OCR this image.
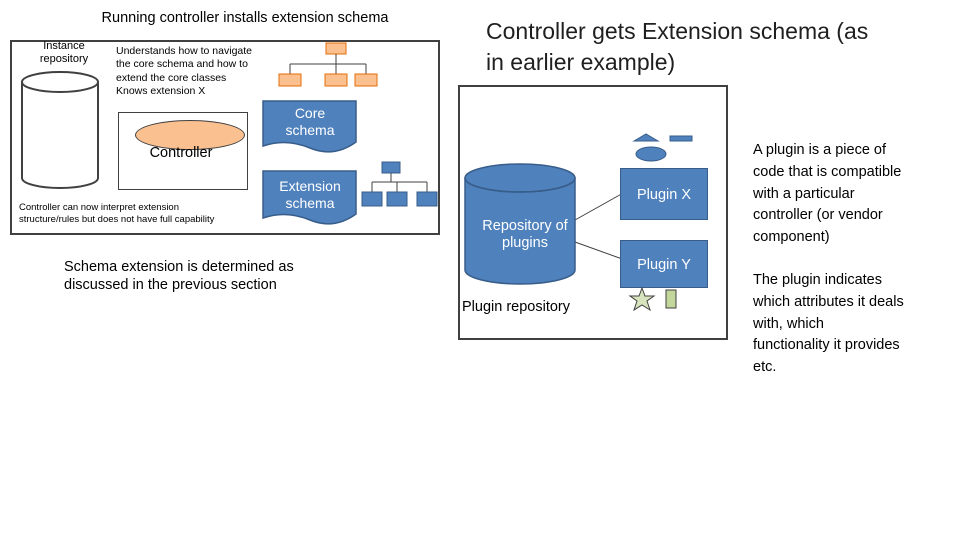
Running controller installs extension schema
Instance
repository
Understands how to navigate
the core schema and how to
extend the core classes
Knows extension X
Controller
Controller can now interpret extension
structure/rules but does not have full capability
Core
schema
Extension
schema
Schema extension is determined as
discussed in the previous section
Controller gets Extension schema (as
in earlier example)
Repository of
plugins
Plugin repository
Plugin X
Plugin Y
A plugin is a piece of
code that is compatible
with a particular
controller (or vendor
component)
The plugin indicates
which attributes it deals
with, which
functionality it provides
etc.
